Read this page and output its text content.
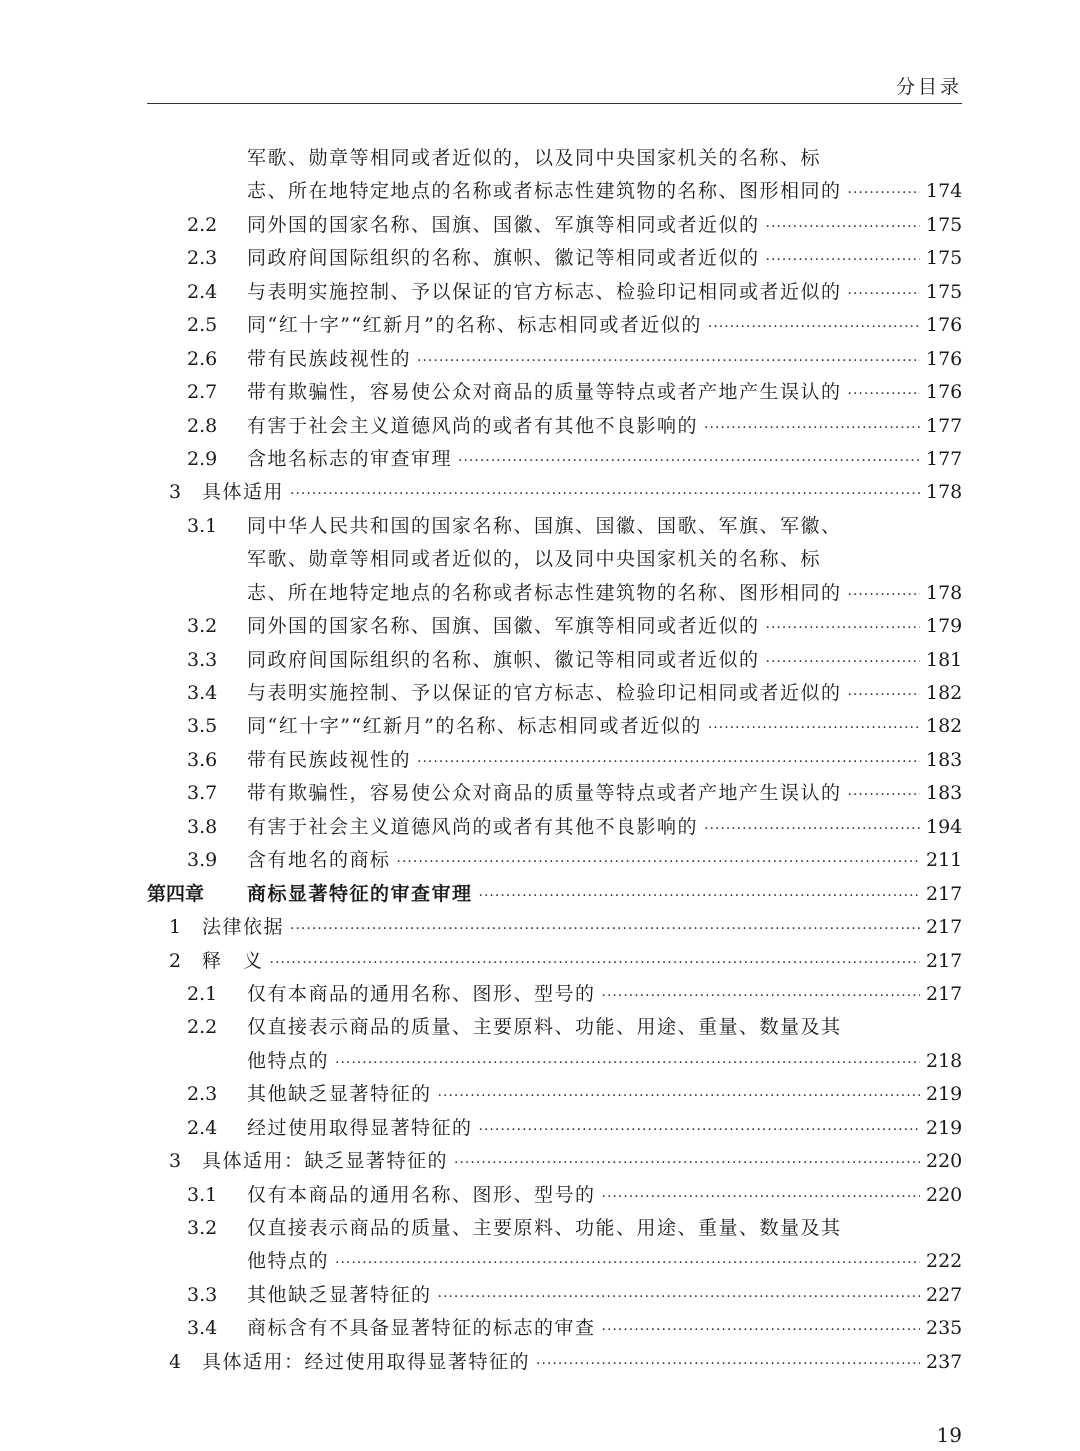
分目录
军歌、勋章等相同或者近似的，以及同中央国家机关的名称、标
志、所在地特定地点的名称或者标志性建筑物的名称、图形相同的 ·····	174
2.2 同外国的国家名称、国旗、国徽、军旗等相同或者近似的 ·····	175
2.3 同政府间国际组织的名称、旗帜、徽记等相同或者近似的 ·····	175
2.4 与表明实施控制、予以保证的官方标志、检验印记相同或者近似的 ·····	175
2.5 同“红十字”“红新月”的名称、标志相同或者近似的 ·····	176
2.6 带有民族歧视性的 ·····	176
2.7 带有欺骗性，容易使公众对商品的质量等特点或者产地产生误认的 ·····	176
2.8 有害于社会主义道德风尚的或者有其他不良影响的 ·····	177
2.9 含地名标志的审查审理 ·····	177
3 具体适用 ·····	178
3.1 同中华人民共和国的国家名称、国旗、国徽、国歌、军旗、军徽、
军歌、勋章等相同或者近似的，以及同中央国家机关的名称、标
志、所在地特定地点的名称或者标志性建筑物的名称、图形相同的 ·····	178
3.2 同外国的国家名称、国旗、国徽、军旗等相同或者近似的 ·····	179
3.3 同政府间国际组织的名称、旗帜、徽记等相同或者近似的 ·····	181
3.4 与表明实施控制、予以保证的官方标志、检验印记相同或者近似的 ·····	182
3.5 同“红十字”“红新月”的名称、标志相同或者近似的 ·····	182
3.6 带有民族歧视性的 ·····	183
3.7 带有欺骗性，容易使公众对商品的质量等特点或者产地产生误认的 ·····	183
3.8 有害于社会主义道德风尚的或者有其他不良影响的 ·····	194
3.9 含有地名的商标 ·····	211
第四章 商标显著特征的审查审理 ·····	217
1 法律依据 ·····	217
2 释　义 ·····	217
2.1 仅有本商品的通用名称、图形、型号的 ·····	217
2.2 仅直接表示商品的质量、主要原料、功能、用途、重量、数量及其
他特点的 ·····	218
2.3 其他缺乏显著特征的 ·····	219
2.4 经过使用取得显著特征的 ·····	219
3 具体适用：缺乏显著特征的 ·····	220
3.1 仅有本商品的通用名称、图形、型号的 ·····	220
3.2 仅直接表示商品的质量、主要原料、功能、用途、重量、数量及其
他特点的 ·····	222
3.3 其他缺乏显著特征的 ·····	227
3.4 商标含有不具备显著特征的标志的审查 ·····	235
4 具体适用：经过使用取得显著特征的 ·····	237
19
